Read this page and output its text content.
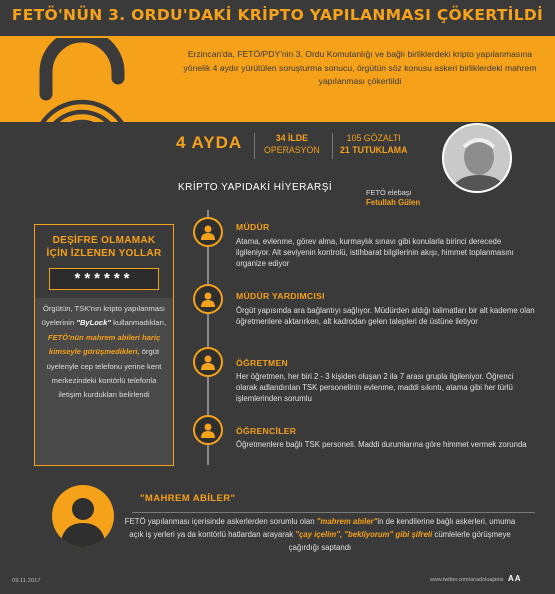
FETÖ'NÜN 3. ORDU'DAKİ KRİPTO YAPILANMASI ÇÖKERTİLDİ
Erzincan'da, FETÖ/PDY'nin 3. Ordu Komutanlığı ve bağlı birliklerdeki kripto yapılanmasına yönelik 4 aydır yürütülen soruşturma sonucu, örgütün söz konusu askeri birliklerdeki mahrem yapılanması çökertildi
4 AYDA	34 İLDE
OPERASYON
105 GÖZALTI
21 TUTUKLAMA
FETÖ elebaşı
Fetullah Gülen
KRİPTO YAPIDAKİ HİYERARŞİ
MÜDÜR
Atama, evlenme, görev alma, kurmaylık sınavı gibi konularla birinci derecede ilgileniyor. Alt seviyenin kontrolü, istihbarat bilgilerinin akışı, himmet toplanmasını organize ediyor
MÜDÜR YARDIMCISI
Örgüt yapısında ara bağlantıyı sağlıyor. Müdürden aldığı talimatları bir alt kademe olan öğretmenlere aktarırken, alt kadrodan gelen talepleri de üstüne iletiyor
ÖĞRETMEN
Her öğretmen, her biri 2 - 3 kişiden oluşan 2 ila 7 arası grupla ilgileniyor. Öğrenci olarak adlandırılan TSK personelinin evlenme, maddi sıkıntı, atama gibi her türlü işlemlerinden sorumlu
ÖĞRENCİLER
Öğretmenlere bağlı TSK personeli. Maddi durumlarına göre himmet vermek zorunda
DEŞİFRE OLMAMAK
İÇİN İZLENEN YOLLAR
******
Örgütün, TSK'nın kripto yapılanması üyelerinin "ByLock" kullanmadıkları, FETÖ'nün mahrem abileri hariç kimseyle görüşmedikleri, örgüt üyeleriyle cep telefonu yerine kent merkezindeki kontörlü telefonla iletişim kurdukları belirlendi
"MAHREM ABİLER"
FETÖ yapılanması içerisinde askerlerden sorumlu olan "mahrem abiler"in de kendilerine bağlı askerleri, umuma açık iş yerleri ya da kontörlü hatlardan arayarak "çay içelim", "bekliyorum" gibi şifreli cümlelerle görüşmeye çağırdığı saptandı
09.11.2017	www.twitter.com/anadoluajansi AA
